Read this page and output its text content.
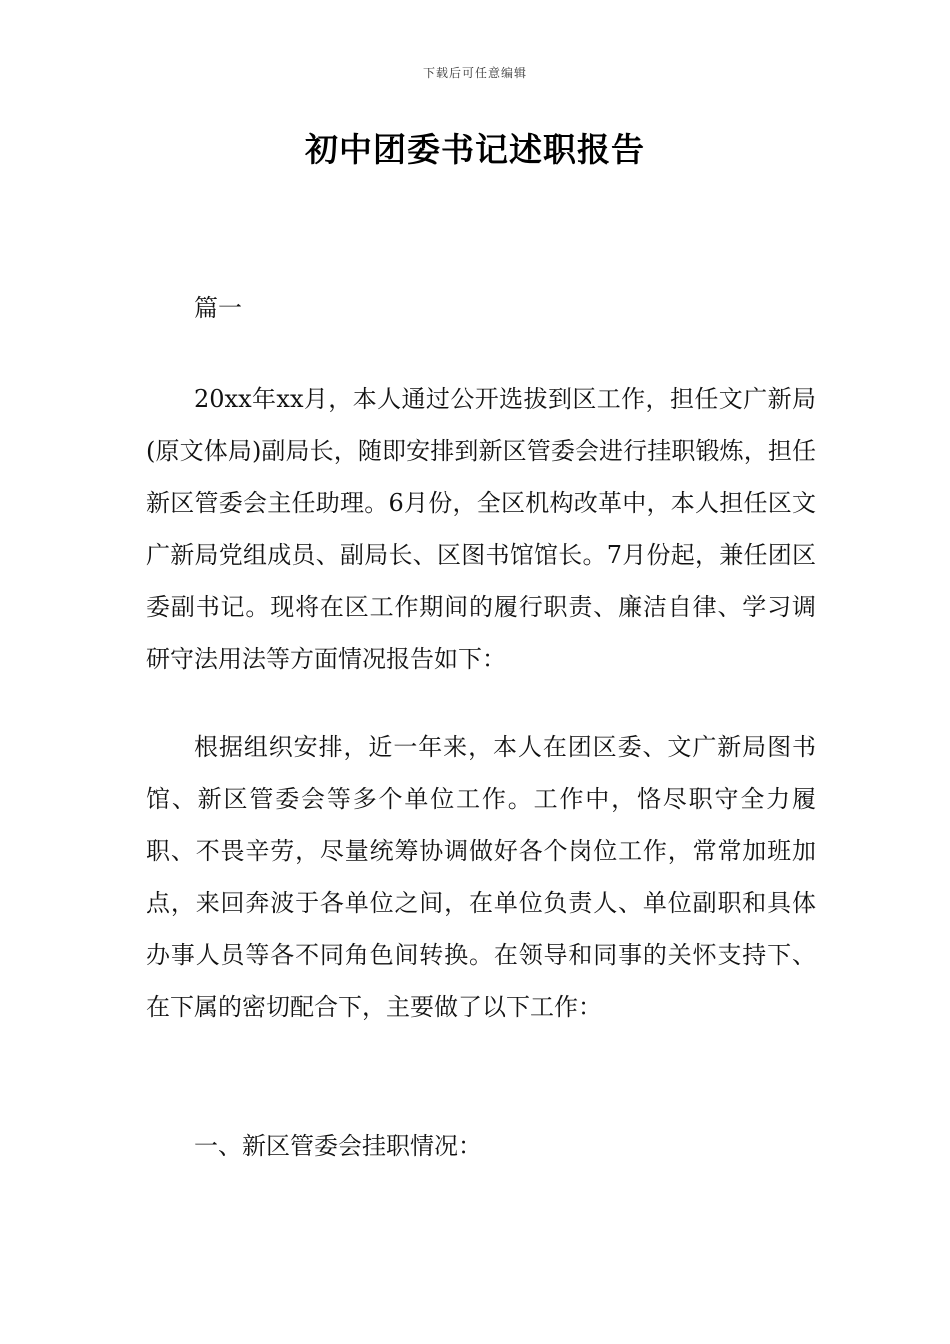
下载后可任意编辑
初中团委书记述职报告

篇一

20xx年xx月，本人通过公开选拔到区工作，担任文广新局(原文体局)副局长，随即安排到新区管委会进行挂职锻炼，担任新区管委会主任助理。6月份，全区机构改革中，本人担任区文广新局党组成员、副局长、区图书馆馆长。7月份起，兼任团区委副书记。现将在区工作期间的履行职责、廉洁自律、学习调研守法用法等方面情况报告如下：

根据组织安排，近一年来，本人在团区委、文广新局图书馆、新区管委会等多个单位工作。工作中，恪尽职守全力履职、不畏辛劳，尽量统筹协调做好各个岗位工作，常常加班加点，来回奔波于各单位之间，在单位负责人、单位副职和具体办事人员等各不同角色间转换。在领导和同事的关怀支持下、在下属的密切配合下，主要做了以下工作：

一、新区管委会挂职情况：
